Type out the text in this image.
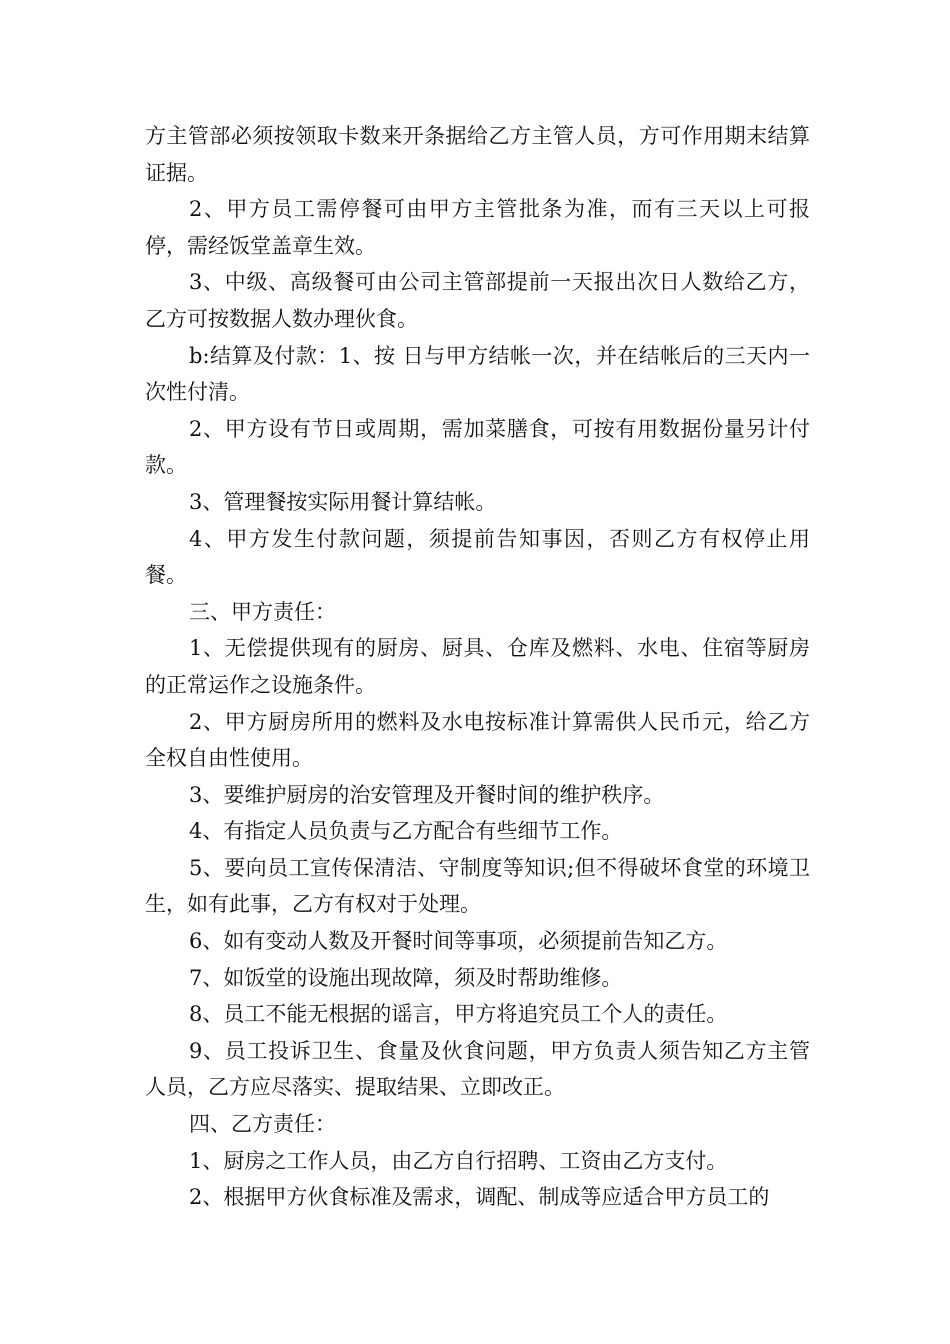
方主管部必须按领取卡数来开条据给乙方主管人员，方可作用期末结算证据。

2、甲方员工需停餐可由甲方主管批条为准，而有三天以上可报停，需经饭堂盖章生效。

3、中级、高级餐可由公司主管部提前一天报出次日人数给乙方，乙方可按数据人数办理伙食。

b:结算及付款：1、按 日与甲方结帐一次，并在结帐后的三天内一次性付清。

2、甲方设有节日或周期，需加菜膳食，可按有用数据份量另计付款。

3、管理餐按实际用餐计算结帐。

4、甲方发生付款问题，须提前告知事因，否则乙方有权停止用餐。

三、甲方责任：

1、无偿提供现有的厨房、厨具、仓库及燃料、水电、住宿等厨房的正常运作之设施条件。

2、甲方厨房所用的燃料及水电按标准计算需供人民币元，给乙方全权自由性使用。

3、要维护厨房的治安管理及开餐时间的维护秩序。

4、有指定人员负责与乙方配合有些细节工作。

5、要向员工宣传保清洁、守制度等知识;但不得破坏食堂的环境卫生，如有此事，乙方有权对于处理。

6、如有变动人数及开餐时间等事项，必须提前告知乙方。

7、如饭堂的设施出现故障，须及时帮助维修。

8、员工不能无根据的谣言，甲方将追究员工个人的责任。

9、员工投诉卫生、食量及伙食问题，甲方负责人须告知乙方主管人员，乙方应尽落实、提取结果、立即改正。

四、乙方责任：

1、厨房之工作人员，由乙方自行招聘、工资由乙方支付。

2、根据甲方伙食标准及需求，调配、制成等应适合甲方员工的
